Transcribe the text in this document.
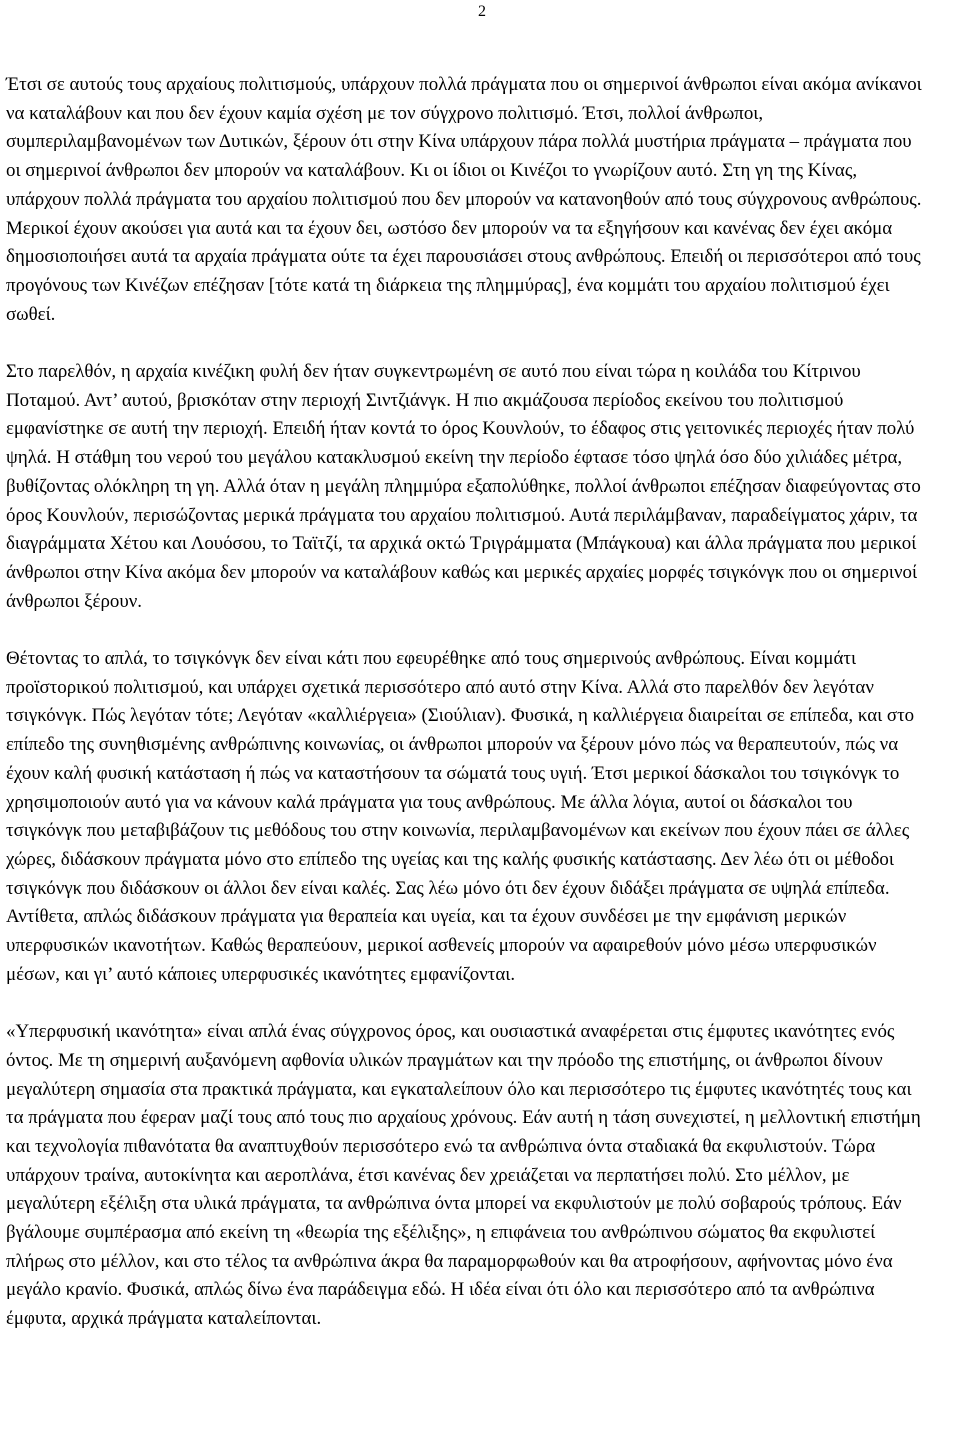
2

Έτσι σε αυτούς τους αρχαίους πολιτισμούς, υπάρχουν πολλά πράγματα που οι σημερινοί άνθρωποι είναι ακόμα ανίκανοι να καταλάβουν και που δεν έχουν καμία σχέση με τον σύγχρονο πολιτισμό. Έτσι, πολλοί άνθρωποι, συμπεριλαμβανομένων των Δυτικών, ξέρουν ότι στην Κίνα υπάρχουν πάρα πολλά μυστήρια πράγματα – πράγματα που οι σημερινοί άνθρωποι δεν μπορούν να καταλάβουν. Κι οι ίδιοι οι Κινέζοι το γνωρίζουν αυτό. Στη γη της Κίνας, υπάρχουν πολλά πράγματα του αρχαίου πολιτισμού που δεν μπορούν να κατανοηθούν από τους σύγχρονους ανθρώπους. Μερικοί έχουν ακούσει για αυτά και τα έχουν δει, ωστόσο δεν μπορούν να τα εξηγήσουν και κανένας δεν έχει ακόμα δημοσιοποιήσει αυτά τα αρχαία πράγματα ούτε τα έχει παρουσιάσει στους ανθρώπους. Επειδή οι περισσότεροι από τους προγόνους των Κινέζων επέζησαν [τότε κατά τη διάρκεια της πλημμύρας], ένα κομμάτι του αρχαίου πολιτισμού έχει σωθεί.

Στο παρελθόν, η αρχαία κινέζικη φυλή δεν ήταν συγκεντρωμένη σε αυτό που είναι τώρα η κοιλάδα του Κίτρινου Ποταμού. Αντ’ αυτού, βρισκόταν στην περιοχή Σιντζιάνγκ. Η πιο ακμάζουσα περίοδος εκείνου του πολιτισμού εμφανίστηκε σε αυτή την περιοχή. Επειδή ήταν κοντά το όρος Κουνλούν, το έδαφος στις γειτονικές περιοχές ήταν πολύ ψηλά. Η στάθμη του νερού του μεγάλου κατακλυσμού εκείνη την περίοδο έφτασε τόσο ψηλά όσο δύο χιλιάδες μέτρα, βυθίζοντας ολόκληρη τη γη. Αλλά όταν η μεγάλη πλημμύρα εξαπολύθηκε, πολλοί άνθρωποι επέζησαν διαφεύγοντας στο όρος Κουνλούν, περισώζοντας μερικά πράγματα του αρχαίου πολιτισμού. Αυτά περιλάμβαναν, παραδείγματος χάριν, τα διαγράμματα Χέτου και Λουόσου, το Ταϊτζί, τα αρχικά οκτώ Τριγράμματα (Μπάγκουα) και άλλα πράγματα που μερικοί άνθρωποι στην Κίνα ακόμα δεν μπορούν να καταλάβουν καθώς και μερικές αρχαίες μορφές τσιγκόνγκ που οι σημερινοί άνθρωποι ξέρουν.

Θέτοντας το απλά, το τσιγκόνγκ δεν είναι κάτι που εφευρέθηκε από τους σημερινούς ανθρώπους. Είναι κομμάτι προϊστορικού πολιτισμού, και υπάρχει σχετικά περισσότερο από αυτό στην Κίνα. Αλλά στο παρελθόν δεν λεγόταν τσιγκόνγκ. Πώς λεγόταν τότε; Λεγόταν «καλλιέργεια» (Σιούλιαν). Φυσικά, η καλλιέργεια διαιρείται σε επίπεδα, και στο επίπεδο της συνηθισμένης ανθρώπινης κοινωνίας, οι άνθρωποι μπορούν να ξέρουν μόνο πώς να θεραπευτούν, πώς να έχουν καλή φυσική κατάσταση ή πώς να καταστήσουν τα σώματά τους υγιή. Έτσι μερικοί δάσκαλοι του τσιγκόνγκ το χρησιμοποιούν αυτό για να κάνουν καλά πράγματα για τους ανθρώπους. Με άλλα λόγια, αυτοί οι δάσκαλοι του τσιγκόνγκ που μεταβιβάζουν τις μεθόδους του στην κοινωνία, περιλαμβανομένων και εκείνων που έχουν πάει σε άλλες χώρες, διδάσκουν πράγματα μόνο στο επίπεδο της υγείας και της καλής φυσικής κατάστασης. Δεν λέω ότι οι μέθοδοι τσιγκόνγκ που διδάσκουν οι άλλοι δεν είναι καλές. Σας λέω μόνο ότι δεν έχουν διδάξει πράγματα σε υψηλά επίπεδα. Αντίθετα, απλώς διδάσκουν πράγματα για θεραπεία και υγεία, και τα έχουν συνδέσει με την εμφάνιση μερικών υπερφυσικών ικανοτήτων. Καθώς θεραπεύουν, μερικοί ασθενείς μπορούν να αφαιρεθούν μόνο μέσω υπερφυσικών μέσων, και γι’ αυτό κάποιες υπερφυσικές ικανότητες εμφανίζονται.

«Υπερφυσική ικανότητα» είναι απλά ένας σύγχρονος όρος, και ουσιαστικά αναφέρεται στις έμφυτες ικανότητες ενός όντος. Με τη σημερινή αυξανόμενη αφθονία υλικών πραγμάτων και την πρόοδο της επιστήμης, οι άνθρωποι δίνουν μεγαλύτερη σημασία στα πρακτικά πράγματα, και εγκαταλείπουν όλο και περισσότερο τις έμφυτες ικανότητές τους και τα πράγματα που έφεραν μαζί τους από τους πιο αρχαίους χρόνους. Εάν αυτή η τάση συνεχιστεί, η μελλοντική επιστήμη και τεχνολογία πιθανότατα θα αναπτυχθούν περισσότερο ενώ τα ανθρώπινα όντα σταδιακά θα εκφυλιστούν. Τώρα υπάρχουν τραίνα, αυτοκίνητα και αεροπλάνα, έτσι κανένας δεν χρειάζεται να περπατήσει πολύ. Στο μέλλον, με μεγαλύτερη εξέλιξη στα υλικά πράγματα, τα ανθρώπινα όντα μπορεί να εκφυλιστούν με πολύ σοβαρούς τρόπους. Εάν βγάλουμε συμπέρασμα από εκείνη τη «θεωρία της εξέλιξης», η επιφάνεια του ανθρώπινου σώματος θα εκφυλιστεί πλήρως στο μέλλον, και στο τέλος τα ανθρώπινα άκρα θα παραμορφωθούν και θα ατροφήσουν, αφήνοντας μόνο ένα μεγάλο κρανίο. Φυσικά, απλώς δίνω ένα παράδειγμα εδώ. Η ιδέα είναι ότι όλο και περισσότερο από τα ανθρώπινα έμφυτα, αρχικά πράγματα καταλείπονται.
